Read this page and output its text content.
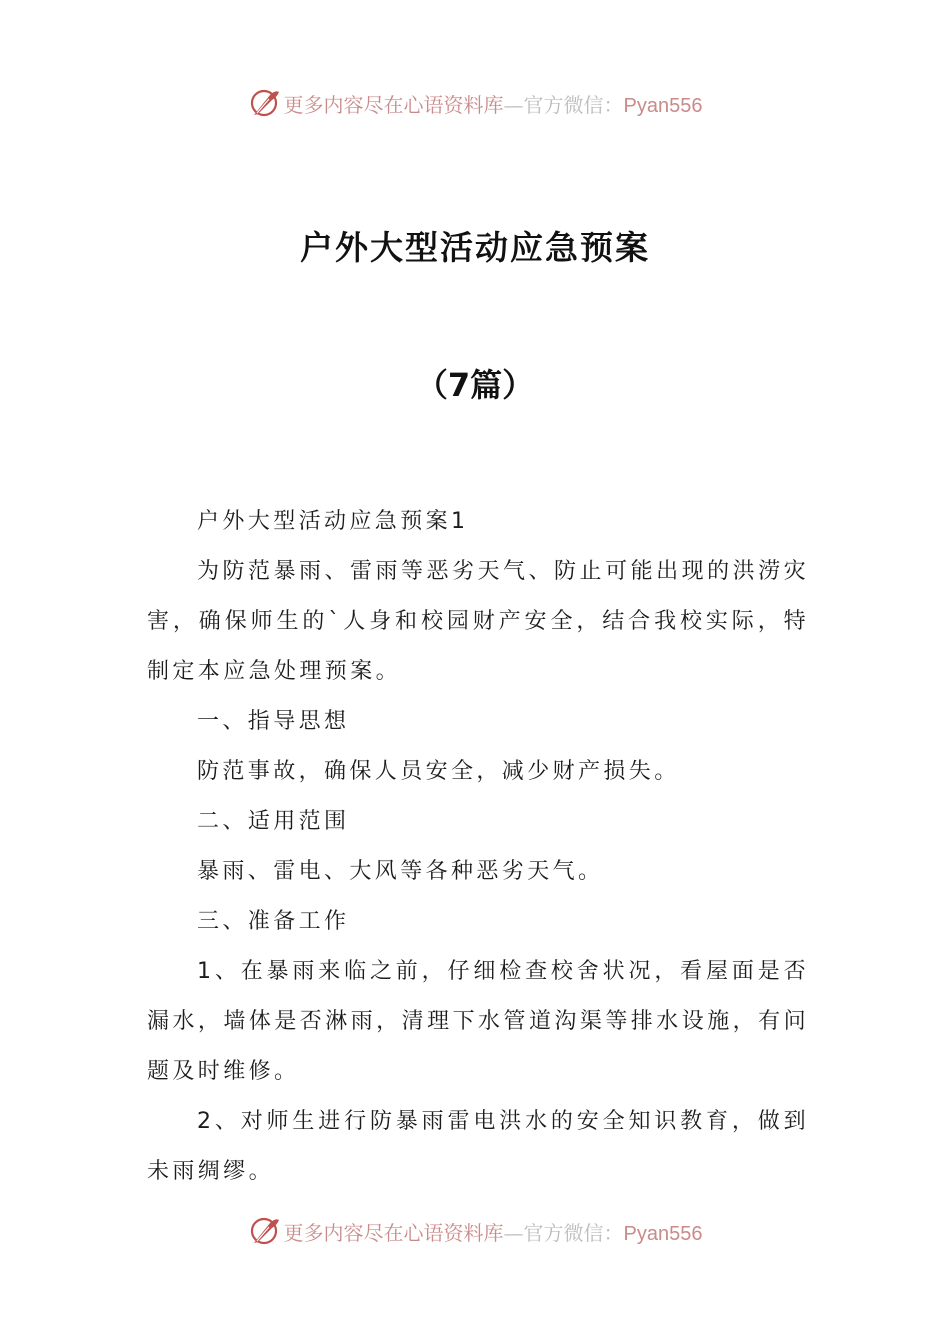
更多内容尽在心语资料库—官方微信：Pyan556
户外大型活动应急预案
（7篇）

户外大型活动应急预案1

为防范暴雨、雷雨等恶劣天气、防止可能出现的洪涝灾害，确保师生的`人身和校园财产安全，结合我校实际，特制定本应急处理预案。

一、指导思想

防范事故，确保人员安全，减少财产损失。

二、适用范围

暴雨、雷电、大风等各种恶劣天气。

三、准备工作

1、在暴雨来临之前，仔细检查校舍状况，看屋面是否漏水，墙体是否淋雨，清理下水管道沟渠等排水设施，有问题及时维修。

2、对师生进行防暴雨雷电洪水的安全知识教育，做到未雨绸缪。

更多内容尽在心语资料库—官方微信：Pyan556
